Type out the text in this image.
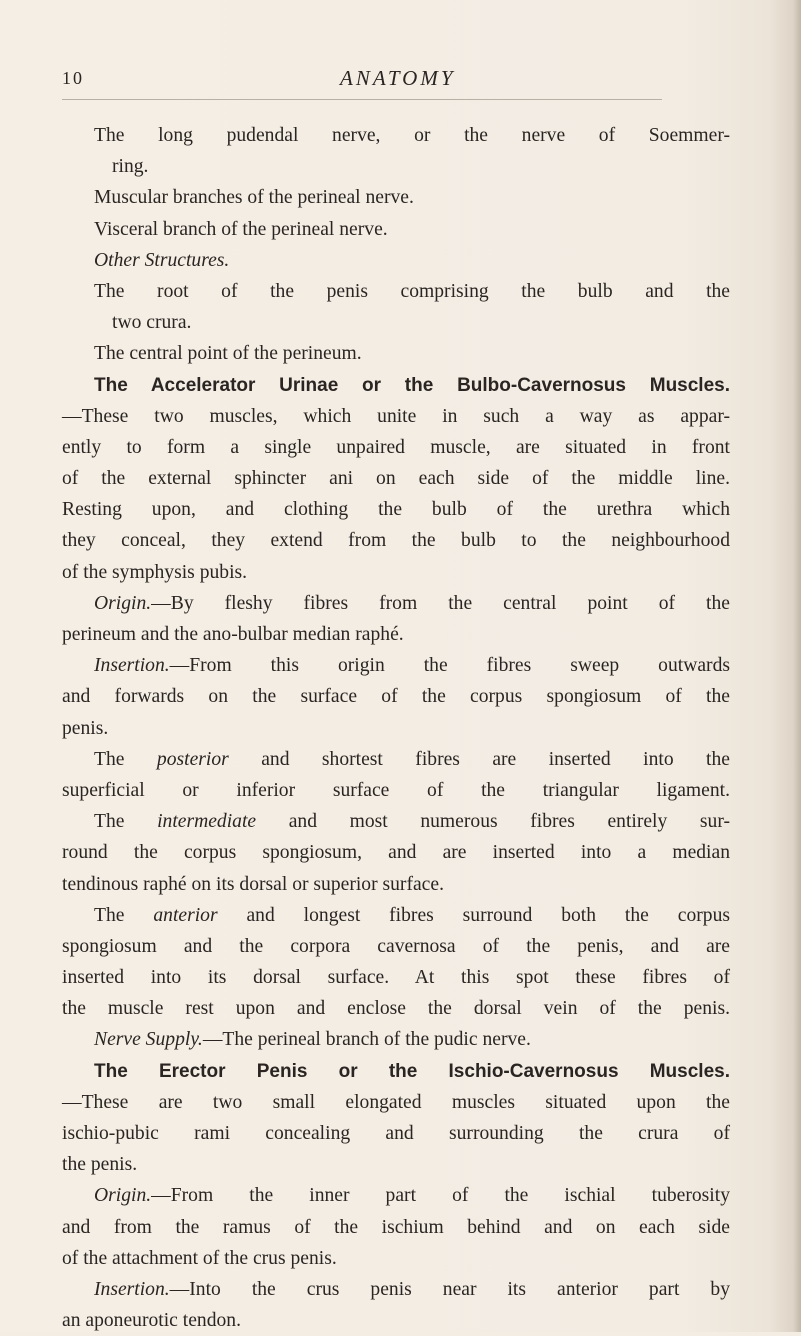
10	ANATOMY
The long pudendal nerve, or the nerve of Soemmer-
ring.
Muscular branches of the perineal nerve.
Visceral branch of the perineal nerve.
Other Structures.
The root of the penis comprising the bulb and the
two crura.
The central point of the perineum.
The Accelerator Urinae or the Bulbo-Cavernosus Muscles.
—These two muscles, which unite in such a way as appar-
ently to form a single unpaired muscle, are situated in front
of the external sphincter ani on each side of the middle line.
Resting upon, and clothing the bulb of the urethra which
they conceal, they extend from the bulb to the neighbourhood
of the symphysis pubis.
Origin.—By fleshy fibres from the central point of the
perineum and the ano-bulbar median raphé.
Insertion.—From this origin the fibres sweep outwards
and forwards on the surface of the corpus spongiosum of the
penis.
The posterior and shortest fibres are inserted into the
superficial or inferior surface of the triangular ligament.
The intermediate and most numerous fibres entirely sur-
round the corpus spongiosum, and are inserted into a median
tendinous raphé on its dorsal or superior surface.
The anterior and longest fibres surround both the corpus
spongiosum and the corpora cavernosa of the penis, and are
inserted into its dorsal surface. At this spot these fibres of
the muscle rest upon and enclose the dorsal vein of the penis.
Nerve Supply.—The perineal branch of the pudic nerve.
The Erector Penis or the Ischio-Cavernosus Muscles.
—These are two small elongated muscles situated upon the
ischio-pubic rami concealing and surrounding the crura of
the penis.
Origin.—From the inner part of the ischial tuberosity
and from the ramus of the ischium behind and on each side
of the attachment of the crus penis.
Insertion.—Into the crus penis near its anterior part by
an aponeurotic tendon.
